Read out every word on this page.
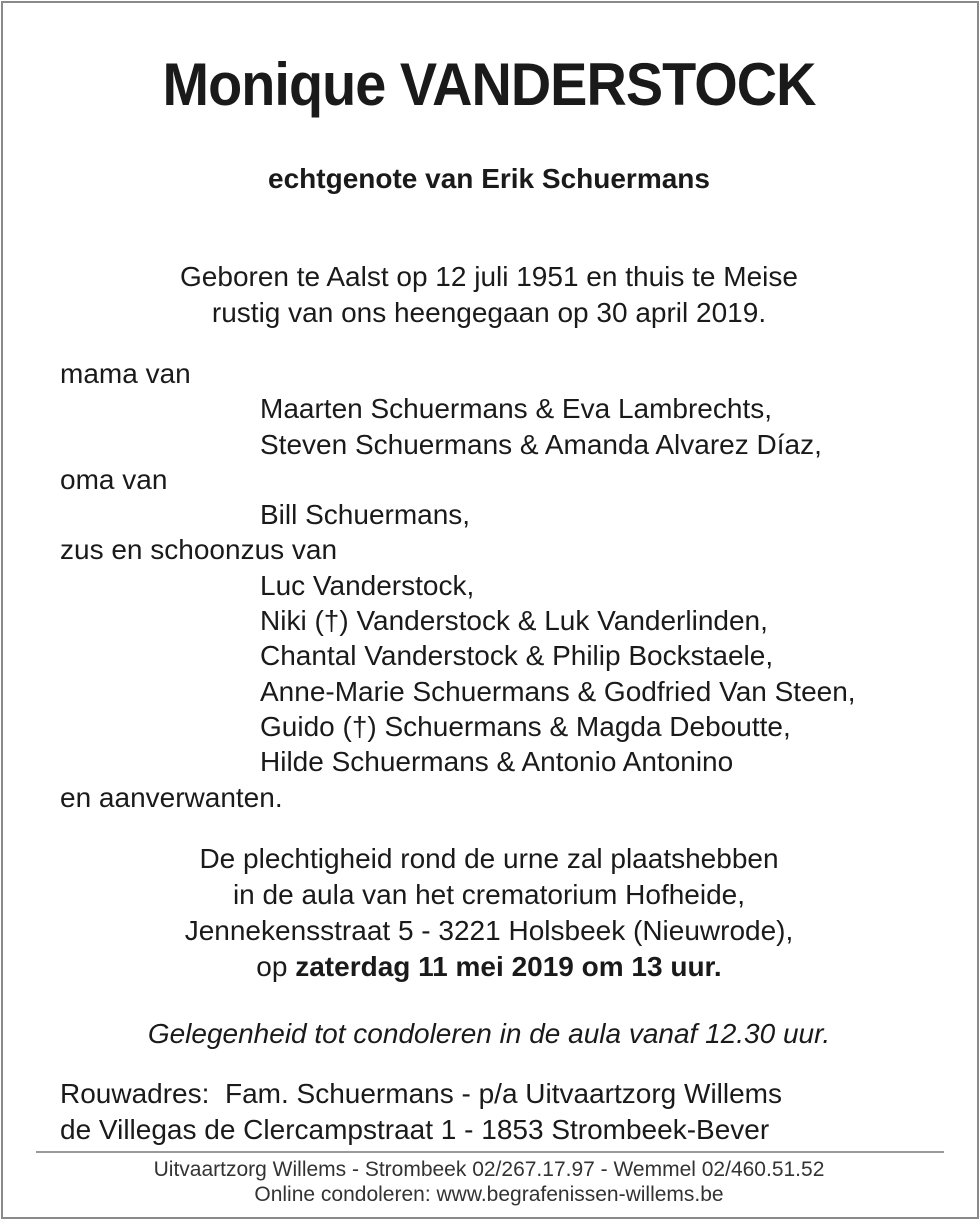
Monique VANDERSTOCK
echtgenote van Erik Schuermans
Geboren te Aalst op 12 juli 1951 en thuis te Meise
rustig van ons heengegaan op 30 april 2019.
mama van
Maarten Schuermans & Eva Lambrechts,
Steven Schuermans & Amanda Alvarez Díaz,
oma van
Bill Schuermans,
zus en schoonzus van
Luc Vanderstock,
Niki (†) Vanderstock & Luk Vanderlinden,
Chantal Vanderstock & Philip Bockstaele,
Anne-Marie Schuermans & Godfried Van Steen,
Guido (†) Schuermans & Magda Deboutte,
Hilde Schuermans & Antonio Antonino
en aanverwanten.
De plechtigheid rond de urne zal plaatshebben
in de aula van het crematorium Hofheide,
Jennekensstraat 5 - 3221 Holsbeek (Nieuwrode),
op zaterdag 11 mei 2019 om 13 uur.
Gelegenheid tot condoleren in de aula vanaf 12.30 uur.
Rouwadres:  Fam. Schuermans - p/a Uitvaartzorg Willems
de Villegas de Clercampstraat 1 - 1853 Strombeek-Bever
Uitvaartzorg Willems - Strombeek 02/267.17.97 - Wemmel 02/460.51.52
Online condoleren: www.begrafenissen-willems.be
